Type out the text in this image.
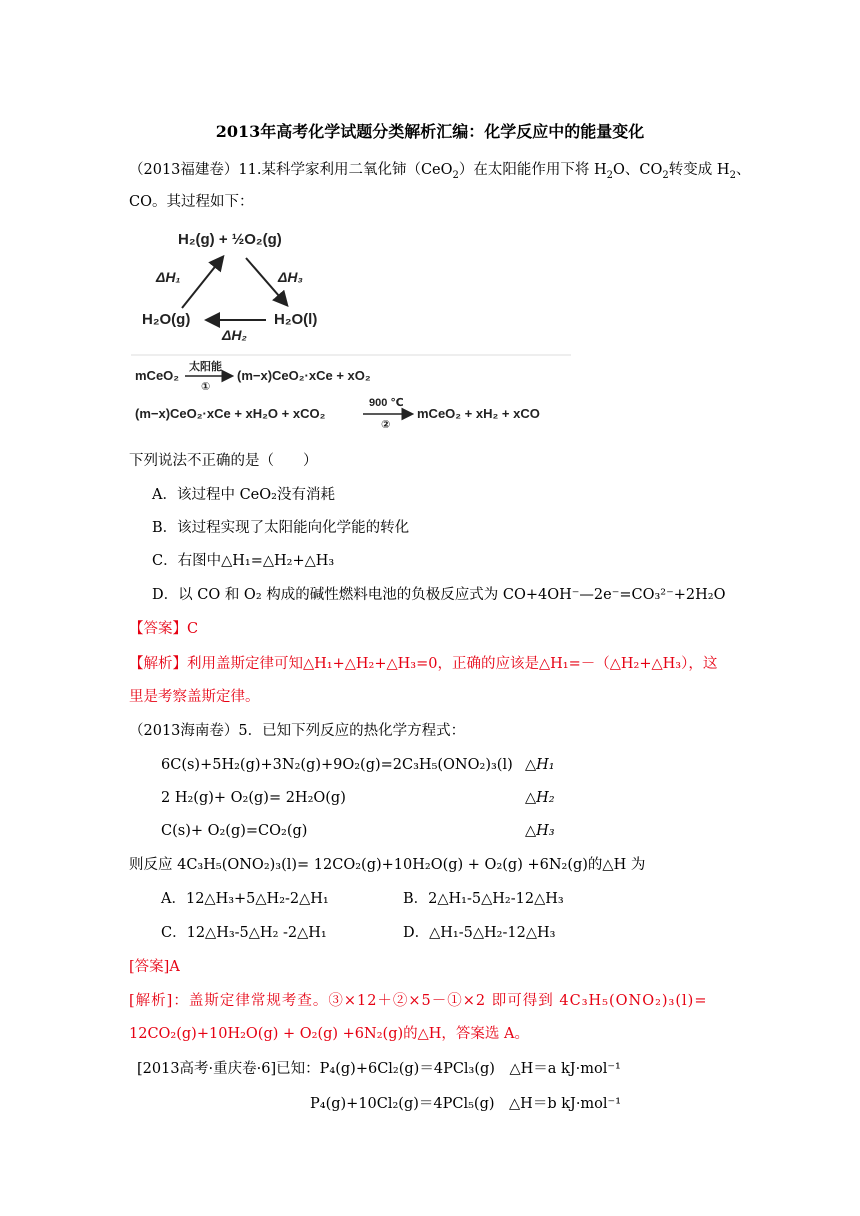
2013年高考化学试题分类解析汇编：化学反应中的能量变化
（2013福建卷）11.某科学家利用二氧化铈（CeO$_2$）在太阳能作用下将 $H_2O$、$CO_2$转变成 $H_2$、
CO。其过程如下：
H₂(g) + ½O₂(g)
ΔH₁	ΔH₃
H₂O(g)	H₂O(l)
ΔH₂
mCeO₂
太阳能
①
(m−x)CeO₂·xCe + xO₂
(m−x)CeO₂·xCe + xH₂O + xCO₂
900 ℃
②
mCeO₂ + xH₂ + xCO
下列说法不正确的是（　　）
A．该过程中 CeO₂没有消耗
B．该过程实现了太阳能向化学能的转化
C．右图中△H₁=△H₂+△H₃
D．以 CO 和 O₂ 构成的碱性燃料电池的负极反应式为 CO+4OH⁻—2e⁻=CO₃²⁻+2H₂O
【答案】C
【解析】利用盖斯定律可知△H₁+△H₂+△H₃=0，正确的应该是△H₁=－（△H₂+△H₃），这
里是考察盖斯定律。
（2013海南卷）5．已知下列反应的热化学方程式：
6C(s)+5H₂(g)+3N₂(g)+9O₂(g)=2C₃H₅(ONO₂)₃(l) △H₁
2 H₂(g)+ O₂(g)= 2H₂O(g)	△H₂
C(s)+ O₂(g)=CO₂(g)	△H₃
则反应 4C₃H₅(ONO₂)₃(l)= 12CO₂(g)+10H₂O(g) + O₂(g) +6N₂(g)的△H 为
A．12△H₃+5△H₂-2△H₁	B．2△H₁-5△H₂-12△H₃
C．12△H₃-5△H₂ -2△H₁	D．△H₁-5△H₂-12△H₃
[答案]A
[解析]：盖斯定律常规考查。③×12＋②×5－①×2 即可得到 4C₃H₅(ONO₂)₃(l)=
12CO₂(g)+10H₂O(g) + O₂(g) +6N₂(g)的△H，答案选 A。
[2013高考·重庆卷·6]已知：P₄(g)+6Cl₂(g)＝4PCl₃(g)　△H＝a kJ·mol⁻¹
P₄(g)+10Cl₂(g)＝4PCl₅(g)　△H＝b kJ·mol⁻¹
